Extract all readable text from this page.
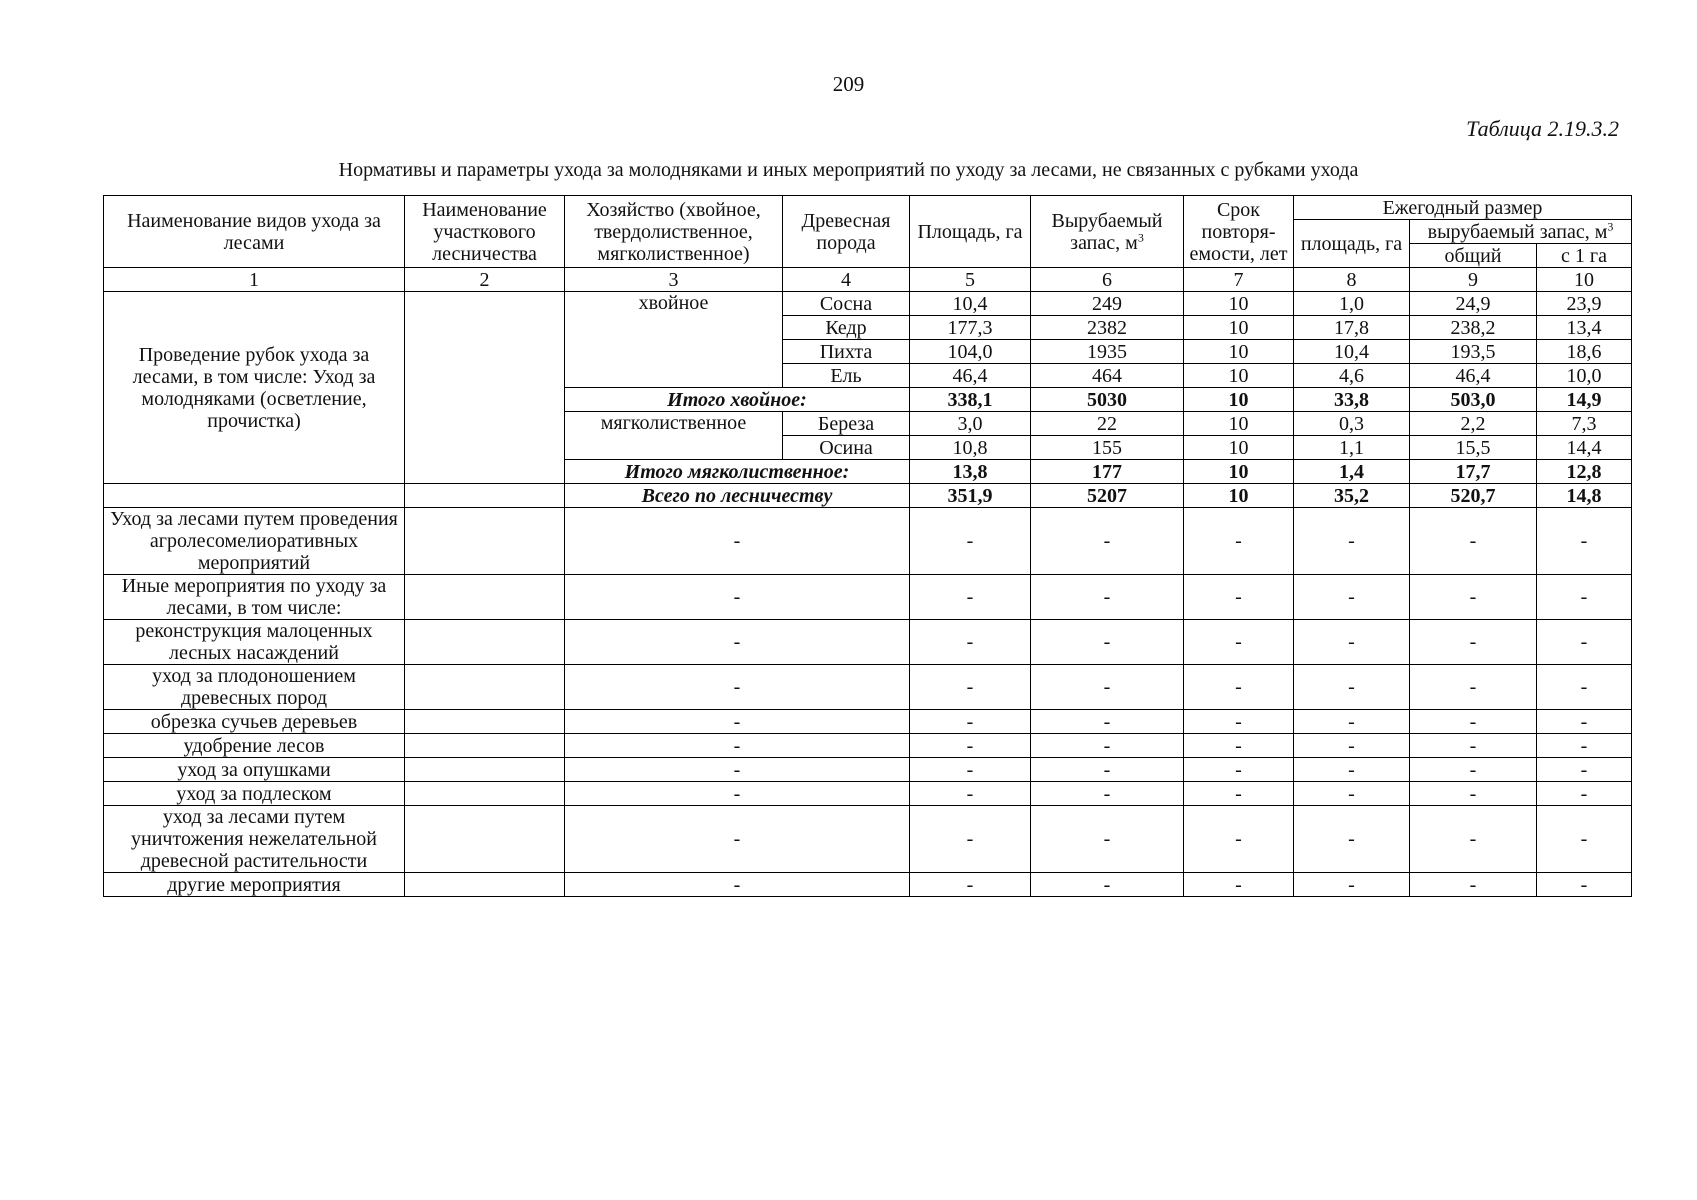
209
Таблица 2.19.3.2
Нормативы и параметры ухода за молодняками и иных мероприятий по уходу за лесами, не связанных с рубками ухода
Наименование видов ухода за лесами	Наименование участкового лесничества	Хозяйство (хвойное, твердолиственное, мягколиственное)	Древесная порода	Площадь, га	Вырубаемый запас, $м^3$	Срок повторя-емости, лет	Ежегодный размер		
							площадь, га	вырубаемый запас, $м^3$
								общий	с 1 га
1	2	3	4	5	6	7	8	9	10
Проведение рубок ухода за лесами, в том числе: Уход за молодняками (осветление, прочистка)		хвойное	Сосна	10,4	249	10	1,0	24,9	23,9
			Кедр	177,3	2382	10	17,8	238,2	13,4
			Пихта	104,0	1935	10	10,4	193,5	18,6
			Ель	46,4	464	10	4,6	46,4	10,0
		Итого хвойное:		338,1	5030	10	33,8	503,0	14,9
		мягколиственное	Береза	3,0	22	10	0,3	2,2	7,3
			Осина	10,8	155	10	1,1	15,5	14,4
		Итого мягколиственное:		13,8	177	10	1,4	17,7	12,8
		Всего по лесничеству		351,9	5207	10	35,2	520,7	14,8
Уход за лесами путем проведения агролесомелиоративных мероприятий		-		-	-	-	-	-	-
Иные мероприятия по уходу за лесами, в том числе:		-		-	-	-	-	-	-
реконструкция малоценных лесных насаждений		-		-	-	-	-	-	-
уход за плодоношением древесных пород		-		-	-	-	-	-	-
обрезка сучьев деревьев		-		-	-	-	-	-	-
удобрение лесов		-		-	-	-	-	-	-
уход за опушками		-		-	-	-	-	-	-
уход за подлеском		-		-	-	-	-	-	-
уход за лесами путем уничтожения нежелательной древесной растительности		-		-	-	-	-	-	-
другие мероприятия		-		-	-	-	-	-	-
